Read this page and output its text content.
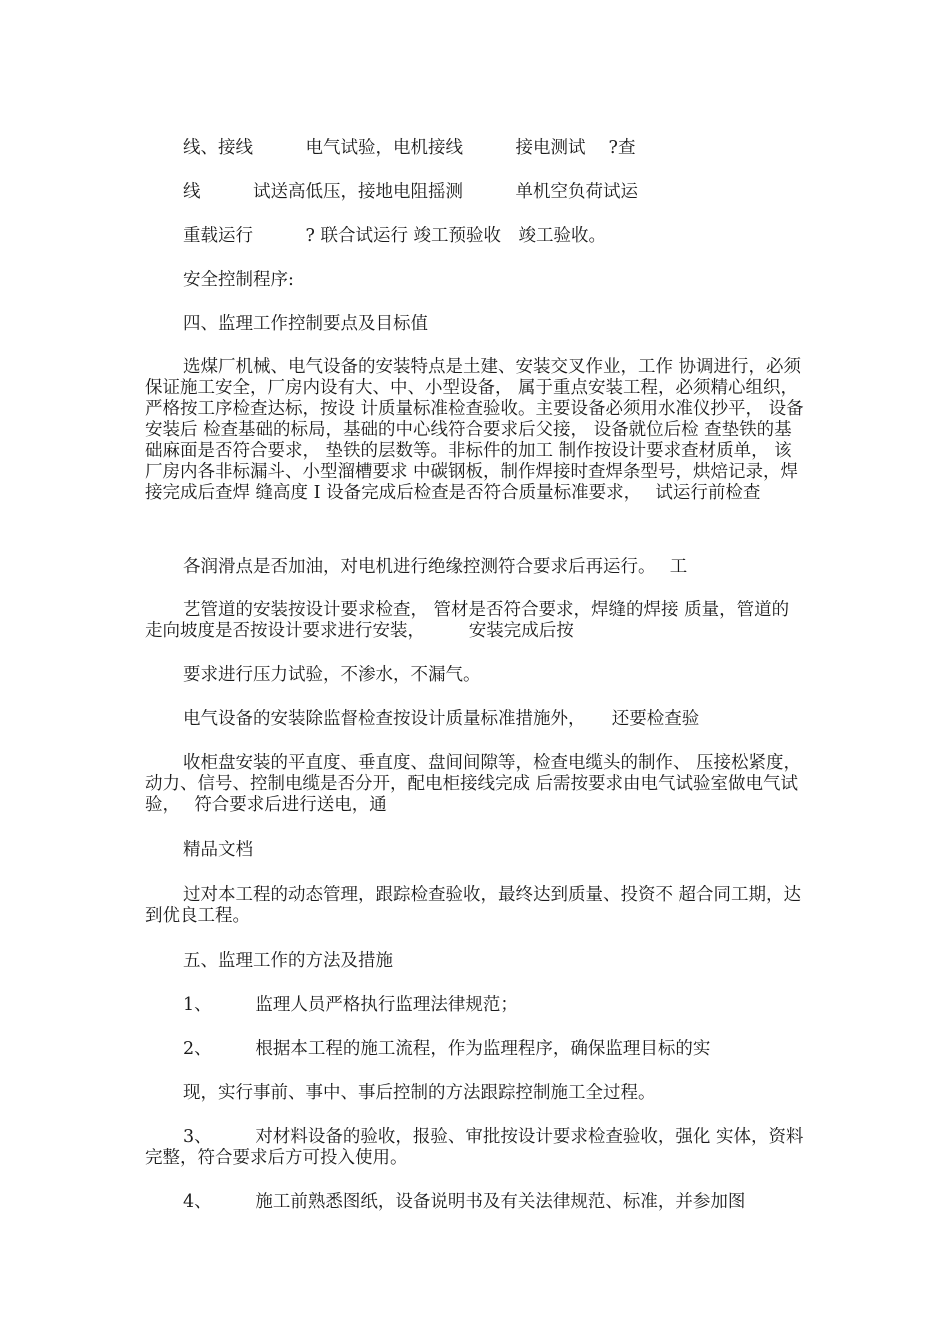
线、接线　　　电气试验，电机接线　　　接电测试　 ?查

线　　　试送高低压，接地电阻摇测　　　单机空负荷试运

重载运行　　　? 联合试运行 竣工预验收　竣工验收。

安全控制程序:

四、监理工作控制要点及目标值

选煤厂机械、电气设备的安装特点是土建、安装交叉作业，工作 协调进行，必须保证施工安全，厂房内设有大、中、小型设备， 属于重点安装工程，必须精心组织，严格按工序检查达标，按设 计质量标准检查验收。主要设备必须用水准仪抄平， 设备安装后 检查基础的标局，基础的中心线符合要求后父接， 设备就位后检 查垫铁的基础麻面是否符合要求， 垫铁的层数等。非标件的加工 制作按设计要求查材质单， 该厂房内各非标漏斗、小型溜槽要求 中碳钢板，制作焊接时查焊条型号，烘焙记录，焊接完成后查焊 缝高度 I 设备完成后检查是否符合质量标准要求，　 试运行前检查

各润滑点是否加油，对电机进行绝缘控测符合要求后再运行。　 工

艺管道的安装按设计要求检查， 管材是否符合要求，焊缝的焊接 质量，管道的走向坡度是否按设计要求进行安装，　　　安装完成后按

要求进行压力试验，不渗水，不漏气。

电气设备的安装除监督检查按设计质量标准措施外，　　还要检查验

收柜盘安装的平直度、垂直度、盘间间隙等，检查电缆头的制作、 压接松紧度，动力、信号、控制电缆是否分开，配电柜接线完成 后需按要求由电气试验室做电气试验，　 符合要求后进行送电，通

精品文档

过对本工程的动态管理，跟踪检查验收，最终达到质量、投资不 超合同工期，达到优良工程。

五、监理工作的方法及措施

1、　　　监理人员严格执行监理法律规范；

2、　　　根据本工程的施工流程，作为监理程序，确保监理目标的实

现，实行事前、事中、事后控制的方法跟踪控制施工全过程。

3、　　　对材料设备的验收，报验、审批按设计要求检查验收，强化 实体，资料完整，符合要求后方可投入使用。

4、　　　施工前熟悉图纸，设备说明书及有关法律规范、标准，并参加图
